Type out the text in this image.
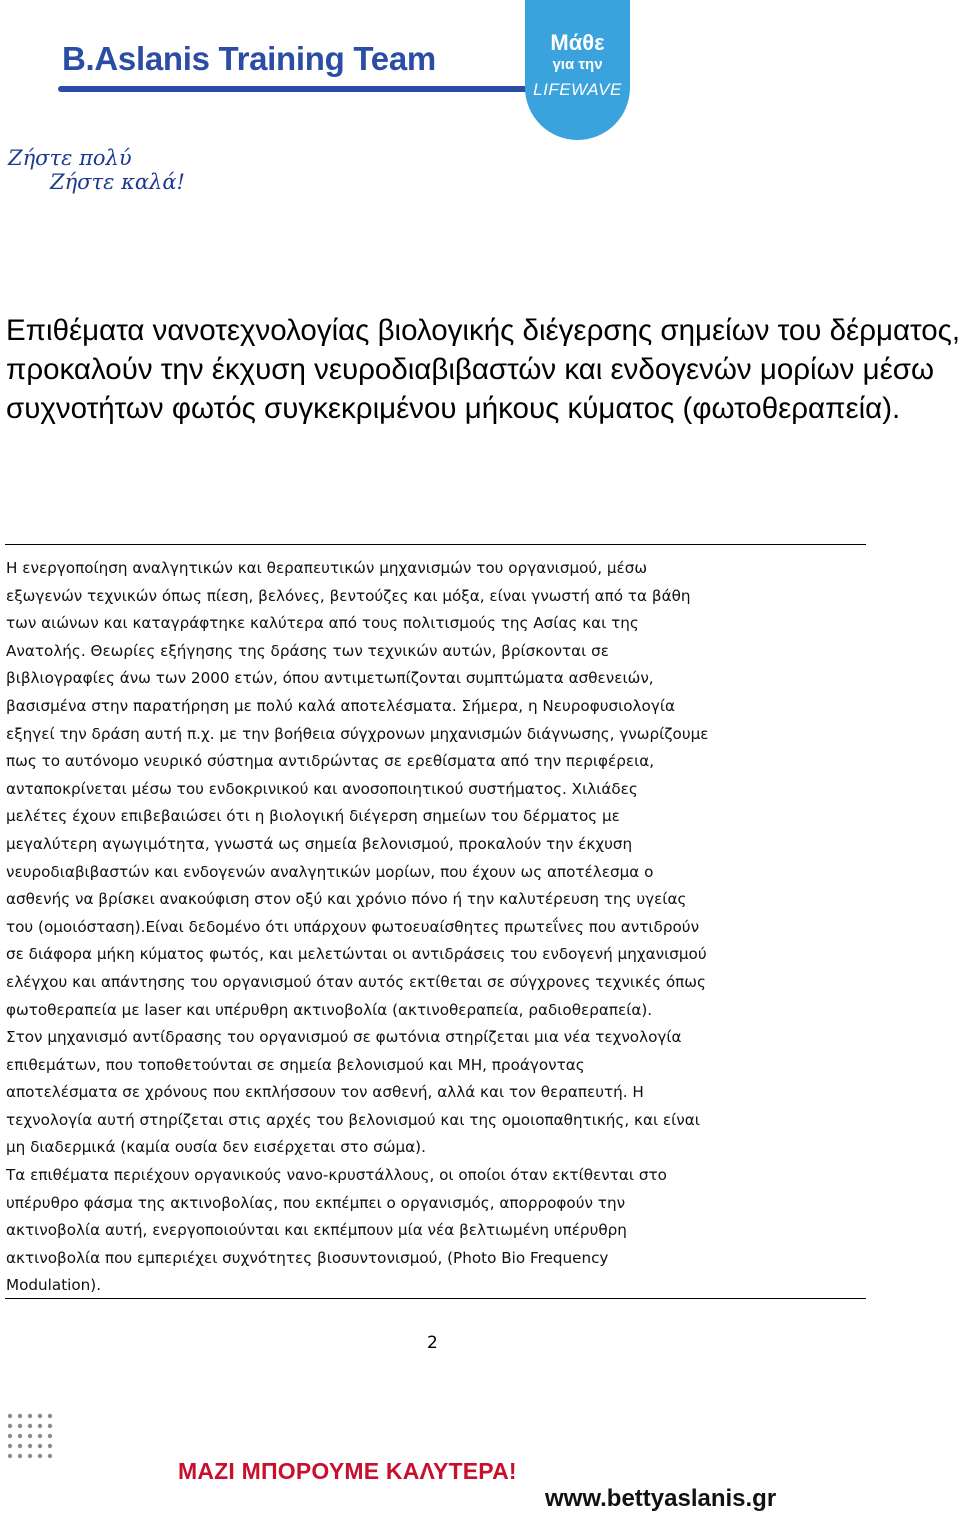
B.Aslanis Training Team
Ζήστε πολύ
Ζήστε καλά!
Μάθε
για την
LIFEWAVE
Επιθέματα νανοτεχνολογίας βιολογικής διέγερσης σημείων του δέρματος, προκαλούν την έκχυση νευροδιαβιβαστών και ενδογενών μορίων μέσω συχνοτήτων φωτός συγκεκριμένου μήκους κύματος (φωτοθεραπεία).
Η ενεργοποίηση αναλγητικών και θεραπευτικών μηχανισμών του οργανισμού, μέσω
εξωγενών τεχνικών όπως πίεση, βελόνες, βεντούζες και μόξα, είναι γνωστή από τα βάθη
των αιώνων και καταγράφτηκε καλύτερα από τους πολιτισμούς της Ασίας και της
Ανατολής. Θεωρίες εξήγησης της δράσης των τεχνικών αυτών, βρίσκονται σε
βιβλιογραφίες άνω των 2000 ετών, όπου αντιμετωπίζονται συμπτώματα ασθενειών,
βασισμένα στην παρατήρηση με πολύ καλά αποτελέσματα. Σήμερα, η Νευροφυσιολογία
εξηγεί την δράση αυτή π.χ. με την βοήθεια σύγχρονων μηχανισμών διάγνωσης, γνωρίζουμε
πως το αυτόνομο νευρικό σύστημα αντιδρώντας σε ερεθίσματα από την περιφέρεια,
ανταποκρίνεται μέσω του ενδοκρινικού και ανοσοποιητικού συστήματος. Χιλιάδες
μελέτες έχουν επιβεβαιώσει ότι η βιολογική διέγερση σημείων του δέρματος με
μεγαλύτερη αγωγιμότητα, γνωστά ως σημεία βελονισμού, προκαλούν την έκχυση
νευροδιαβιβαστών και ενδογενών αναλγητικών μορίων, που έχουν ως αποτέλεσμα ο
ασθενής να βρίσκει ανακούφιση στον οξύ και χρόνιο πόνο ή την καλυτέρευση της υγείας
του (ομοιόσταση).Είναι δεδομένο ότι υπάρχουν φωτοευαίσθητες πρωτεΐνες που αντιδρούν
σε διάφορα μήκη κύματος φωτός, και μελετώνται οι αντιδράσεις του ενδογενή μηχανισμού
ελέγχου και απάντησης του οργανισμού όταν αυτός εκτίθεται σε σύγχρονες τεχνικές όπως
φωτοθεραπεία με laser και υπέρυθρη ακτινοβολία (ακτινοθεραπεία, ραδιοθεραπεία).
Στον μηχανισμό αντίδρασης του οργανισμού σε φωτόνια στηρίζεται μια νέα τεχνολογία
επιθεμάτων, που τοποθετούνται σε σημεία βελονισμού και ΜΗ, προάγοντας
αποτελέσματα σε χρόνους που εκπλήσσουν τον ασθενή, αλλά και τον θεραπευτή. Η
τεχνολογία αυτή στηρίζεται στις αρχές του βελονισμού και της ομοιοπαθητικής, και είναι
μη διαδερμικά (καμία ουσία δεν εισέρχεται στο σώμα).
Τα επιθέματα περιέχουν οργανικούς νανο-κρυστάλλους, οι οποίοι όταν εκτίθενται στο
υπέρυθρο φάσμα της ακτινοβολίας, που εκπέμπει ο οργανισμός, απορροφούν την
ακτινοβολία αυτή, ενεργοποιούνται και εκπέμπουν μία νέα βελτιωμένη υπέρυθρη
ακτινοβολία που εμπεριέχει συχνότητες βιοσυντονισμού, (Photo Bio Frequency
Modulation).
2
ΜΑΖΙ ΜΠΟΡΟΥΜΕ ΚΑΛΥΤΕΡΑ!
www.bettyaslanis.gr
